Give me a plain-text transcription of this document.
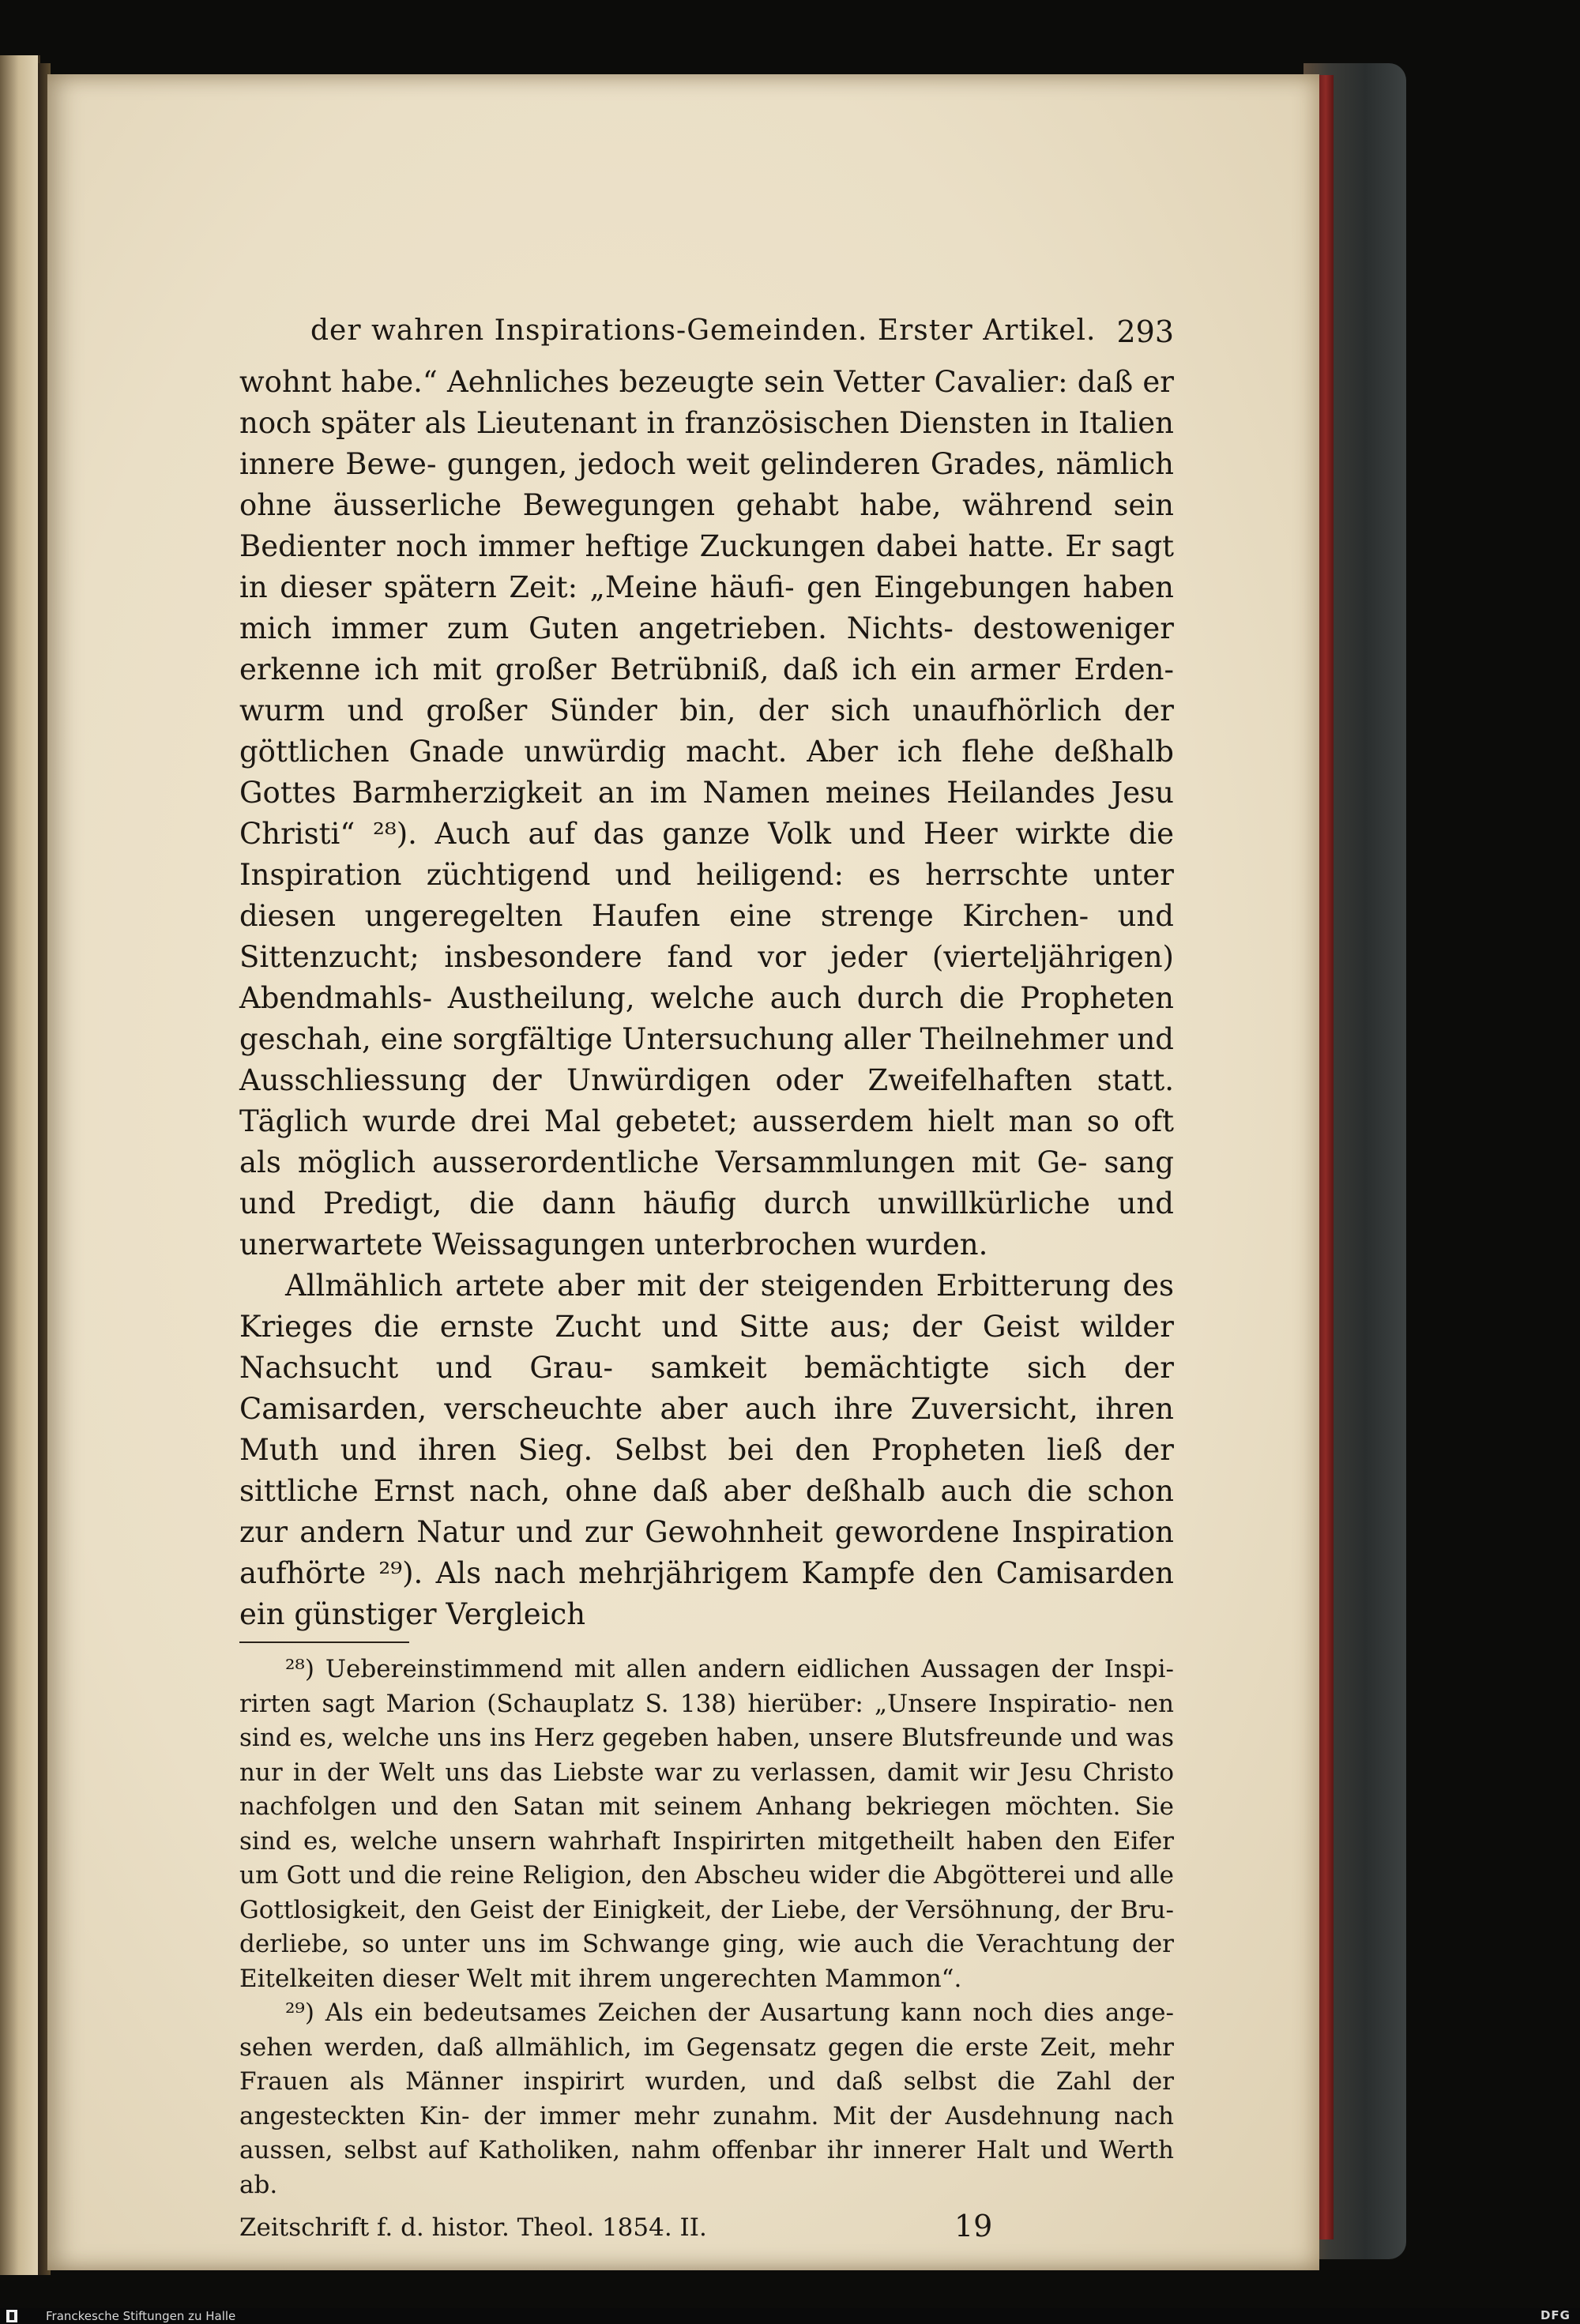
der wahren Inspirations-Gemeinden. Erster Artikel. 293

wohnt habe.“ Aehnliches bezeugte sein Vetter Cavalier: daß er noch später als Lieutenant in französischen Diensten in Italien innere Bewe- gungen, jedoch weit gelinderen Grades, nämlich ohne äusserliche Bewegungen gehabt habe, während sein Bedienter noch immer heftige Zuckungen dabei hatte. Er sagt in dieser spätern Zeit: „Meine häufi- gen Eingebungen haben mich immer zum Guten angetrieben. Nichts- destoweniger erkenne ich mit großer Betrübniß, daß ich ein armer Erden- wurm und großer Sünder bin, der sich unaufhörlich der göttlichen Gnade unwürdig macht. Aber ich flehe deßhalb Gottes Barmherzigkeit an im Namen meines Heilandes Jesu Christi“ ²⁸). Auch auf das ganze Volk und Heer wirkte die Inspiration züchtigend und heiligend: es herrschte unter diesen ungeregelten Haufen eine strenge Kirchen- und Sittenzucht; insbesondere fand vor jeder (vierteljährigen) Abendmahls- Austheilung, welche auch durch die Propheten geschah, eine sorgfältige Untersuchung aller Theilnehmer und Ausschliessung der Unwürdigen oder Zweifelhaften statt. Täglich wurde drei Mal gebetet; ausserdem hielt man so oft als möglich ausserordentliche Versammlungen mit Ge- sang und Predigt, die dann häufig durch unwillkürliche und unerwartete Weissagungen unterbrochen wurden.

Allmählich artete aber mit der steigenden Erbitterung des Krieges die ernste Zucht und Sitte aus; der Geist wilder Nachsucht und Grau- samkeit bemächtigte sich der Camisarden, verscheuchte aber auch ihre Zuversicht, ihren Muth und ihren Sieg. Selbst bei den Propheten ließ der sittliche Ernst nach, ohne daß aber deßhalb auch die schon zur andern Natur und zur Gewohnheit gewordene Inspiration aufhörte ²⁹). Als nach mehrjährigem Kampfe den Camisarden ein günstiger Vergleich

²⁸) Uebereinstimmend mit allen andern eidlichen Aussagen der Inspi- rirten sagt Marion (Schauplatz S. 138) hierüber: „Unsere Inspiratio- nen sind es, welche uns ins Herz gegeben haben, unsere Blutsfreunde und was nur in der Welt uns das Liebste war zu verlassen, damit wir Jesu Christo nachfolgen und den Satan mit seinem Anhang bekriegen möchten. Sie sind es, welche unsern wahrhaft Inspirirten mitgetheilt haben den Eifer um Gott und die reine Religion, den Abscheu wider die Abgötterei und alle Gottlosigkeit, den Geist der Einigkeit, der Liebe, der Versöhnung, der Bru- derliebe, so unter uns im Schwange ging, wie auch die Verachtung der Eitelkeiten dieser Welt mit ihrem ungerechten Mammon“.

²⁹) Als ein bedeutsames Zeichen der Ausartung kann noch dies ange- sehen werden, daß allmählich, im Gegensatz gegen die erste Zeit, mehr Frauen als Männer inspirirt wurden, und daß selbst die Zahl der angesteckten Kin- der immer mehr zunahm. Mit der Ausdehnung nach aussen, selbst auf Katholiken, nahm offenbar ihr innerer Halt und Werth ab.

Zeitschrift f. d. histor. Theol. 1854. II.	19
Franckesche Stiftungen zu Halle	DFG
